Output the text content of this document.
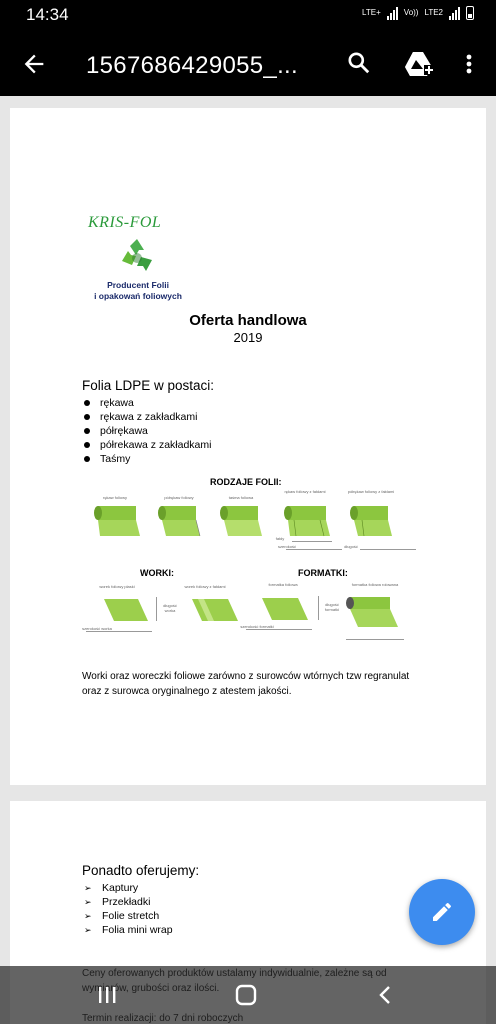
14:34	LTE+	Vo)) LTE2
1567686429055_...
KRIS-FOL
Producent Folii
i opakowań foliowych
Oferta handlowa
2019
Folia LDPE w postaci:
rękawa
rękawa z zakładkami
półrękawa
półrekawa z zakładkami
Taśmy
RODZAJE FOLII:
rękaw foliowy	półrękaw foliowy	taśma foliowa
rękaw foliowy z fałdami	półrękaw foliowy z fałdami
fałdy
szerokość	długość
WORKI:	FORMATKI:
worek foliowy płaski	worek foliowy z fałdami	formatka foliowa	formatka foliowa rolowana
długość worka
szerokość worka
długość formatki
szerokość formatki
Worki oraz woreczki foliowe zarówno z surowców wtórnych tzw regranulat oraz z surowca oryginalnego z atestem jakości.
Ponadto oferujemy:
➢ Kaptury
➢ Przekładki
➢ Folie stretch
➢ Folia mini wrap
